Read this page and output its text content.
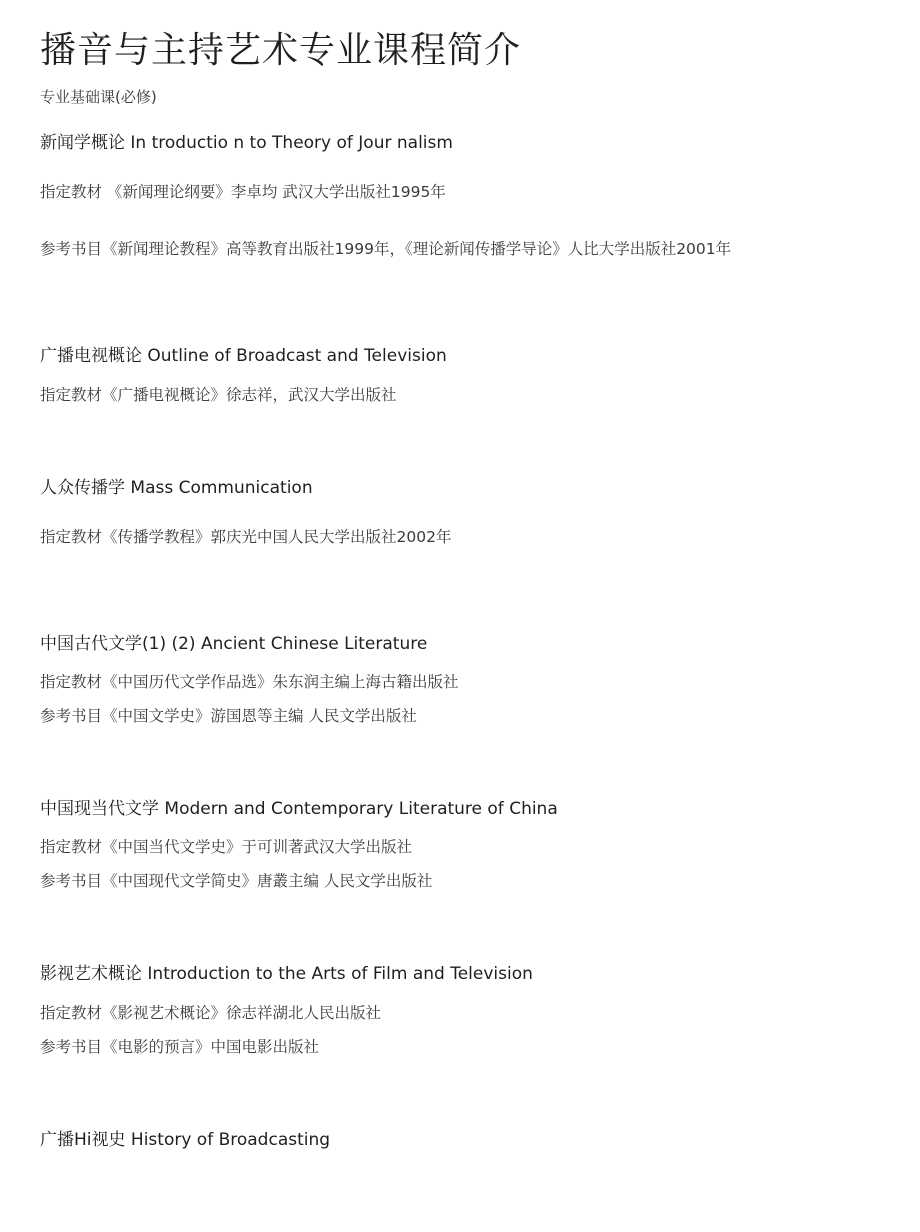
播音与主持艺术专业课程简介
专业基础课(必修)
新闻学概论 In troductio n to Theory of Jour nalism
指定教材 《新闻理论纲要》李卓均 武汉大学出版社1995年
参考书目《新闻理论教程》高等教育出版社1999年，《理论新闻传播学导论》人比大学出版社2001年
广播电视概论 Outline of Broadcast and Television
指定教材《广播电视概论》徐志祥，武汉大学出版社
人众传播学 Mass Communication
指定教材《传播学教程》郭庆光中国人民大学出版社2002年
中国古代文学(1) (2) Ancient Chinese Literature
指定教材《中国历代文学作品选》朱东润主编上海古籍出版社
参考书目《中国文学史》游国恩等主编 人民文学出版社
中国现当代文学 Modern and Contemporary Literature of China
指定教材《中国当代文学史》于可训著武汉大学出版社
参考书目《中国现代文学简史》唐叢主编 人民文学出版社
影视艺术概论 Introduction to the Arts of Film and Television
指定教材《影视艺术概论》徐志祥湖北人民出版社
参考书目《电影的预言》中国电影出版社
广播Hi视史 History of Broadcasting
